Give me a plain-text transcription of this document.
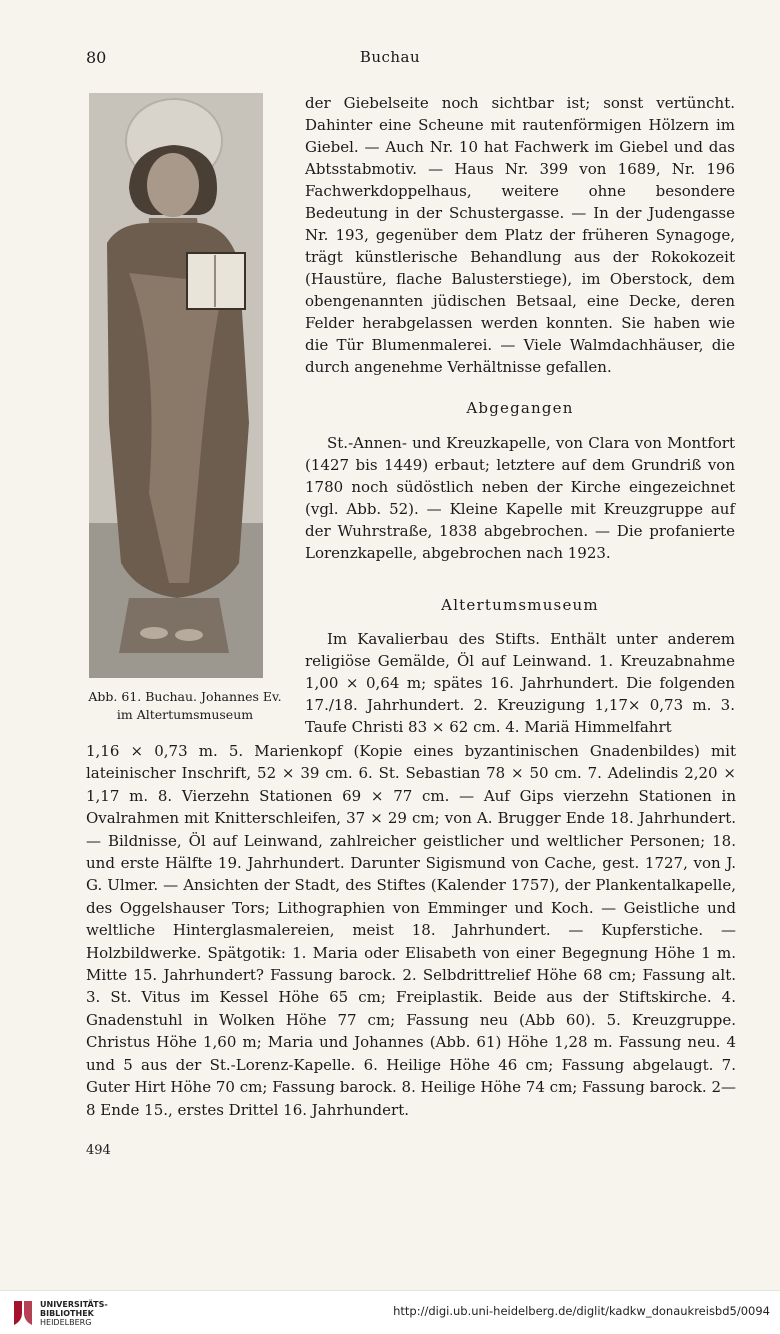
80	Buchau
Abb. 61. Buchau. Johannes Ev.
im Altertumsmuseum

der Giebelseite noch sichtbar ist; sonst vertüncht. Dahinter eine Scheune mit rautenförmigen Hölzern im Giebel. — Auch Nr. 10 hat Fachwerk im Giebel und das Abtsstabmotiv. — Haus Nr. 399 von 1689, Nr. 196 Fachwerkdoppelhaus, weitere ohne besondere Bedeutung in der Schustergasse. — In der Judengasse Nr. 193, gegenüber dem Platz der früheren Synagoge, trägt künstlerische Behandlung aus der Rokokozeit (Haustüre, flache Balusterstiege), im Oberstock, dem obengenannten jüdischen Betsaal, eine Decke, deren Felder herabgelassen werden konnten. Sie haben wie die Tür Blumenmalerei. — Viele Walmdachhäuser, die durch angenehme Verhältnisse gefallen.

Abgegangen

St.-Annen- und Kreuzkapelle, von Clara von Montfort (1427 bis 1449) erbaut; letztere auf dem Grundriß von 1780 noch südöstlich neben der Kirche eingezeichnet (vgl. Abb. 52). — Kleine Kapelle mit Kreuzgruppe auf der Wuhrstraße, 1838 abgebrochen. — Die profanierte Lorenzkapelle, abgebrochen nach 1923.

Altertumsmuseum

Im Kavalierbau des Stifts. Enthält unter anderem religiöse Gemälde, Öl auf Leinwand. 1. Kreuzabnahme 1,00 × 0,64 m; spätes 16. Jahrhundert. Die folgenden 17./18. Jahrhundert. 2. Kreuzigung 1,17× 0,73 m. 3. Taufe Christi 83 × 62 cm. 4. Mariä Himmelfahrt

1,16 × 0,73 m. 5. Marienkopf (Kopie eines byzantinischen Gnadenbildes) mit lateinischer Inschrift, 52 × 39 cm. 6. St. Sebastian 78 × 50 cm. 7. Adelindis 2,20 × 1,17 m. 8. Vierzehn Stationen 69 × 77 cm. — Auf Gips vierzehn Stationen in Ovalrahmen mit Knitterschleifen, 37 × 29 cm; von A. Brugger Ende 18. Jahrhundert. — Bildnisse, Öl auf Leinwand, zahlreicher geistlicher und weltlicher Personen; 18. und erste Hälfte 19. Jahrhundert. Darunter Sigismund von Cache, gest. 1727, von J. G. Ulmer. — Ansichten der Stadt, des Stiftes (Kalender 1757), der Plankentalkapelle, des Oggelshauser Tors; Lithographien von Emminger und Koch. — Geistliche und weltliche Hinterglasmalereien, meist 18. Jahrhundert. — Kupferstiche. — Holzbildwerke. Spätgotik: 1. Maria oder Elisabeth von einer Begegnung Höhe 1 m. Mitte 15. Jahrhundert? Fassung barock. 2. Selbdrittrelief Höhe 68 cm; Fassung alt. 3. St. Vitus im Kessel Höhe 65 cm; Freiplastik. Beide aus der Stiftskirche. 4. Gnadenstuhl in Wolken Höhe 77 cm; Fassung neu (Abb 60). 5. Kreuzgruppe. Christus Höhe 1,60 m; Maria und Johannes (Abb. 61) Höhe 1,28 m. Fassung neu. 4 und 5 aus der St.-Lorenz-Kapelle. 6. Heilige Höhe 46 cm; Fassung abgelaugt. 7. Guter Hirt Höhe 70 cm; Fassung barock. 8. Heilige Höhe 74 cm; Fassung barock. 2—8 Ende 15., erstes Drittel 16. Jahrhundert.

494
UNIVERSITÄTS-
BIBLIOTHEK
HEIDELBERG
http://digi.ub.uni-heidelberg.de/diglit/kadkw_donaukreisbd5/0094
